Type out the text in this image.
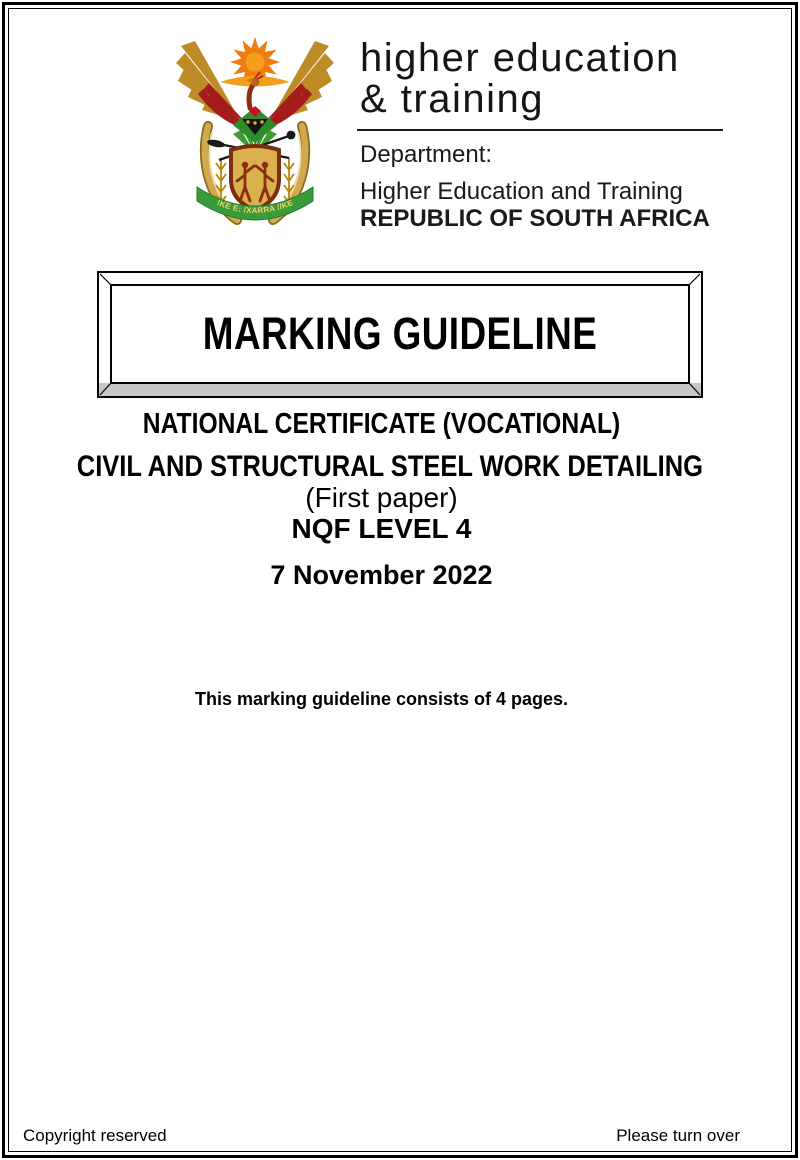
!KE E: /XARRA //KE
higher education
& training
Department:
Higher Education and Training
REPUBLIC OF SOUTH AFRICA
MARKING GUIDELINE
NATIONAL CERTIFICATE (VOCATIONAL)
CIVIL AND STRUCTURAL STEEL WORK DETAILING
(First paper)
NQF LEVEL 4
7 November 2022
This marking guideline consists of 4 pages.
Copyright reserved	Please turn over
